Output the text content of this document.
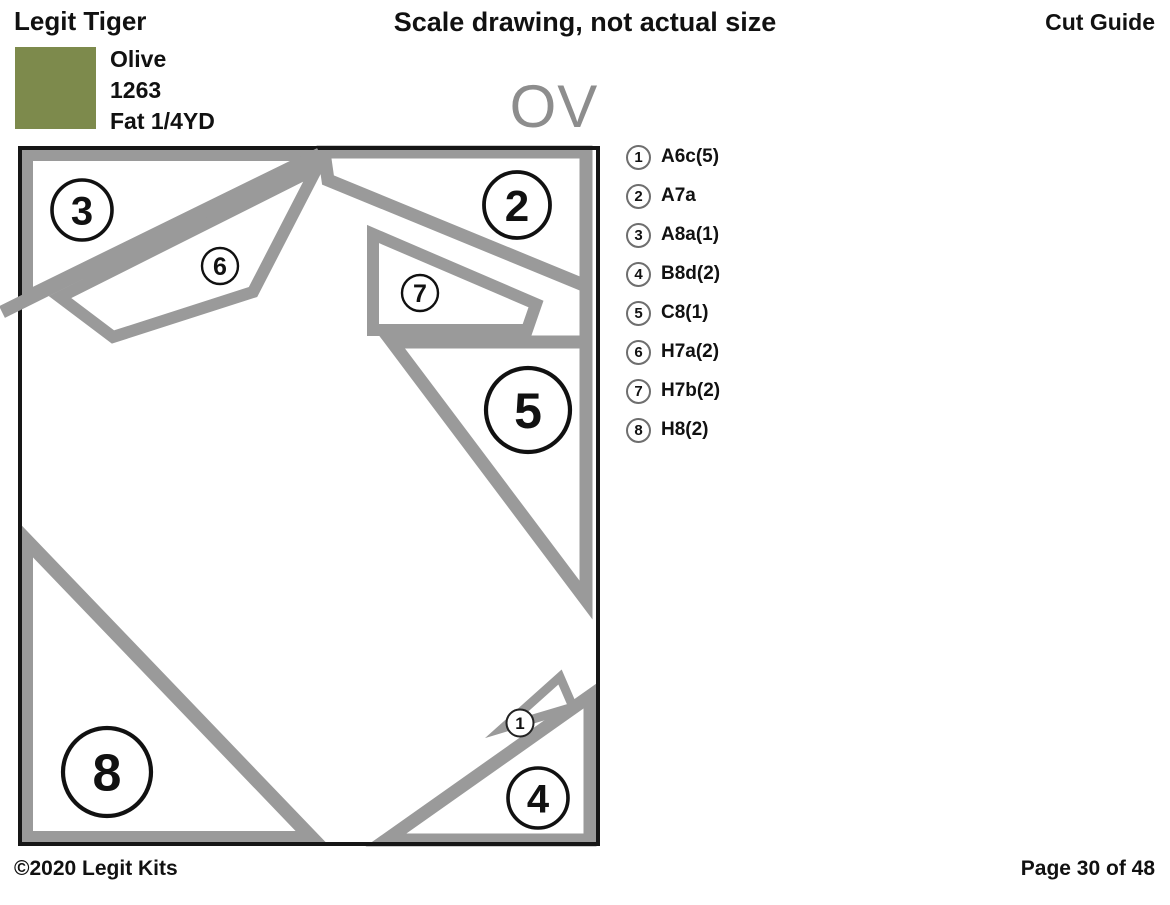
Legit Tiger	Scale drawing, not actual size	Cut Guide
Olive
1263
Fat 1/4YD	OV
3	2
6
7
5
8	4
1
1 A6c(5)
2 A7a
3 A8a(1)
4 B8d(2)
5 C8(1)
6 H7a(2)
7 H7b(2)
8 H8(2)
©2020 Legit Kits	Page 30 of 48
